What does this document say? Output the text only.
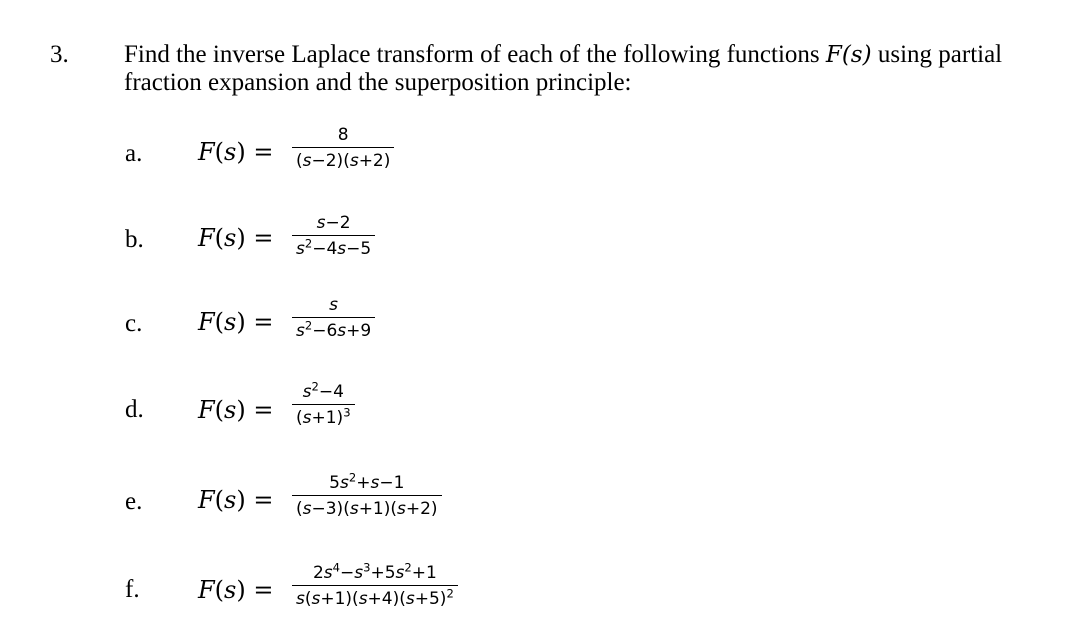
3. Find the inverse Laplace transform of each of the following functions F(s) using partial fraction expansion and the superposition principle:
a. F(s) =
8
(s−2)(s+2)
b. F(s) =
s−2
$s^2-4s-5$
c. F(s) =
s
$s^2-6s+9$
d. F(s) =
$s^2-4$
$(s+1)^3$
e. F(s) =
$5s^2+s-1$
(s−3)(s+1)(s+2)
f. F(s) =
$2s^4-s^3+5s^2+1$
$s(s+1)(s+4)(s+5)^2$
